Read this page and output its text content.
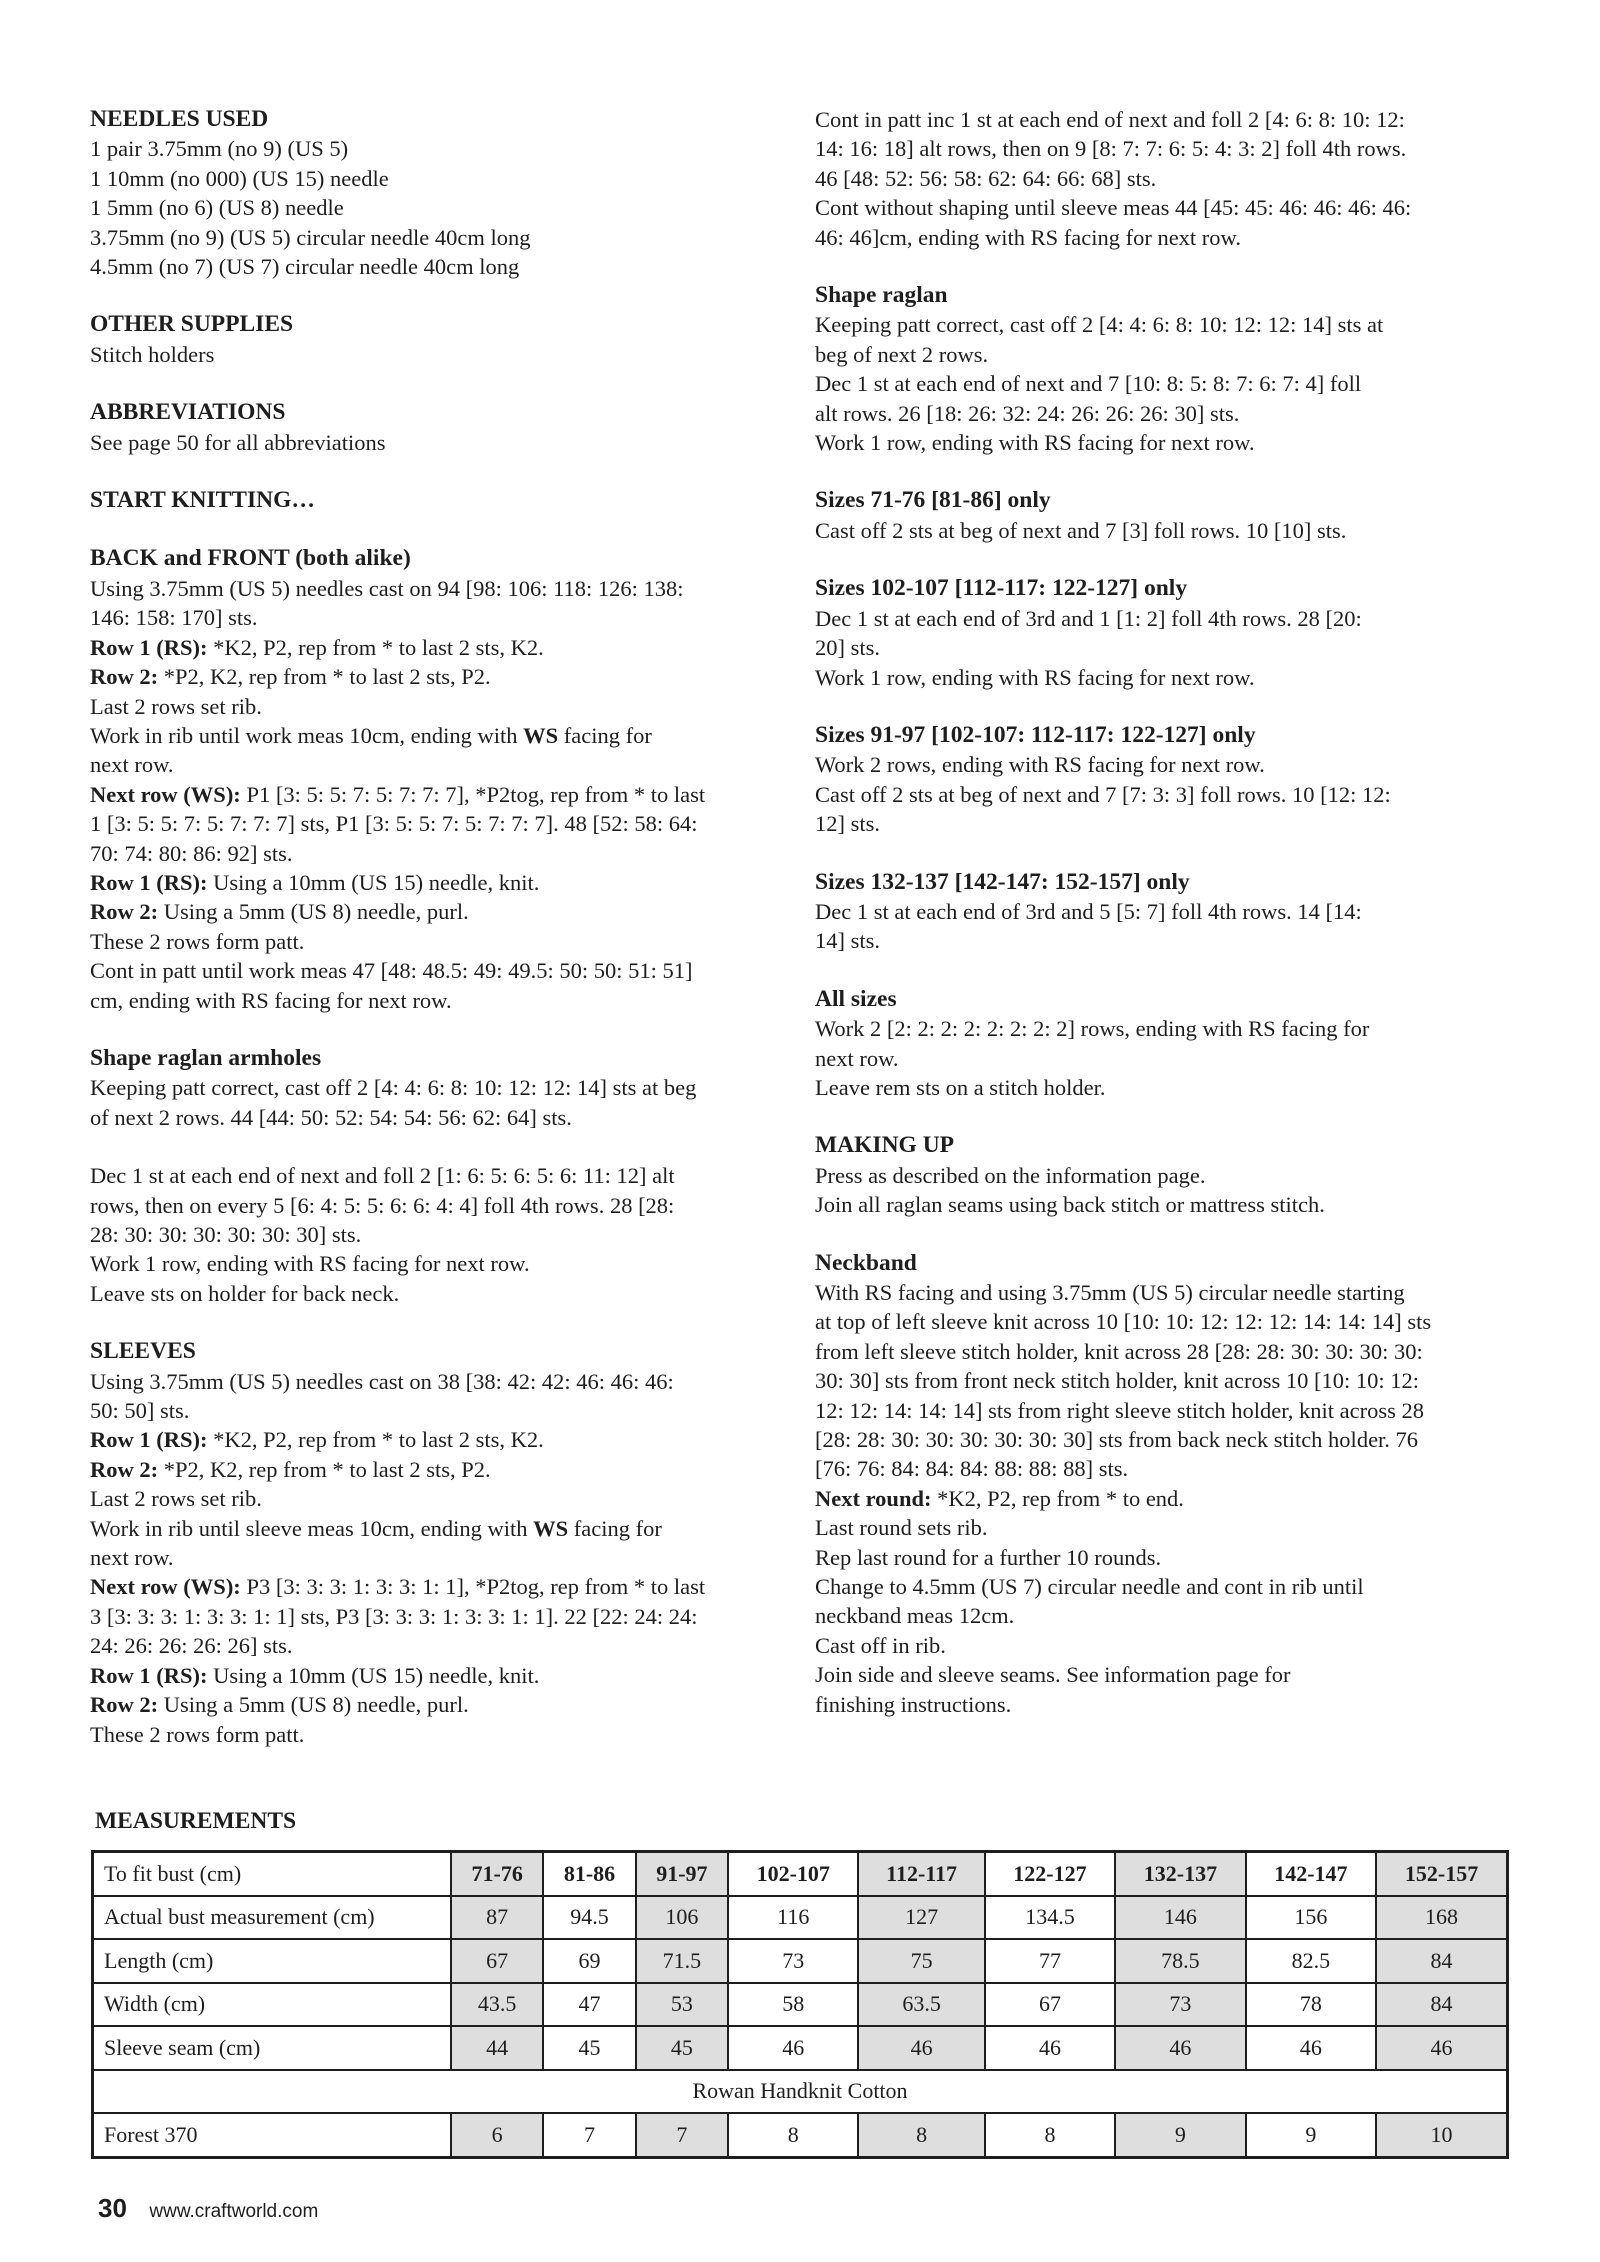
NEEDLES USED
1 pair 3.75mm (no 9) (US 5)
1 10mm (no 000) (US 15) needle
1 5mm (no 6) (US 8) needle
3.75mm (no 9) (US 5) circular needle 40cm long
4.5mm (no 7) (US 7) circular needle 40cm long
OTHER SUPPLIES
Stitch holders
ABBREVIATIONS
See page 50 for all abbreviations
START KNITTING…
BACK and FRONT (both alike)
Using 3.75mm (US 5) needles cast on 94 [98: 106: 118: 126: 138:
146: 158: 170] sts.
Row 1 (RS): *K2, P2, rep from * to last 2 sts, K2.
Row 2: *P2, K2, rep from * to last 2 sts, P2.
Last 2 rows set rib.
Work in rib until work meas 10cm, ending with WS facing for
next row.
Next row (WS): P1 [3: 5: 5: 7: 5: 7: 7: 7], *P2tog, rep from * to last
1 [3: 5: 5: 7: 5: 7: 7: 7] sts, P1 [3: 5: 5: 7: 5: 7: 7: 7]. 48 [52: 58: 64:
70: 74: 80: 86: 92] sts.
Row 1 (RS): Using a 10mm (US 15) needle, knit.
Row 2: Using a 5mm (US 8) needle, purl.
These 2 rows form patt.
Cont in patt until work meas 47 [48: 48.5: 49: 49.5: 50: 50: 51: 51]
cm, ending with RS facing for next row.
Shape raglan armholes
Keeping patt correct, cast off 2 [4: 4: 6: 8: 10: 12: 12: 14] sts at beg
of next 2 rows. 44 [44: 50: 52: 54: 54: 56: 62: 64] sts.
Dec 1 st at each end of next and foll 2 [1: 6: 5: 6: 5: 6: 11: 12] alt
rows, then on every 5 [6: 4: 5: 5: 6: 6: 4: 4] foll 4th rows. 28 [28:
28: 30: 30: 30: 30: 30: 30] sts.
Work 1 row, ending with RS facing for next row.
Leave sts on holder for back neck.
SLEEVES
Using 3.75mm (US 5) needles cast on 38 [38: 42: 42: 46: 46: 46:
50: 50] sts.
Row 1 (RS): *K2, P2, rep from * to last 2 sts, K2.
Row 2: *P2, K2, rep from * to last 2 sts, P2.
Last 2 rows set rib.
Work in rib until sleeve meas 10cm, ending with WS facing for
next row.
Next row (WS): P3 [3: 3: 3: 1: 3: 3: 1: 1], *P2tog, rep from * to last
3 [3: 3: 3: 1: 3: 3: 1: 1] sts, P3 [3: 3: 3: 1: 3: 3: 1: 1]. 22 [22: 24: 24:
24: 26: 26: 26: 26] sts.
Row 1 (RS): Using a 10mm (US 15) needle, knit.
Row 2: Using a 5mm (US 8) needle, purl.
These 2 rows form patt.
Cont in patt inc 1 st at each end of next and foll 2 [4: 6: 8: 10: 12:
14: 16: 18] alt rows, then on 9 [8: 7: 7: 6: 5: 4: 3: 2] foll 4th rows.
46 [48: 52: 56: 58: 62: 64: 66: 68] sts.
Cont without shaping until sleeve meas 44 [45: 45: 46: 46: 46: 46:
46: 46]cm, ending with RS facing for next row.
Shape raglan
Keeping patt correct, cast off 2 [4: 4: 6: 8: 10: 12: 12: 14] sts at
beg of next 2 rows.
Dec 1 st at each end of next and 7 [10: 8: 5: 8: 7: 6: 7: 4] foll
alt rows. 26 [18: 26: 32: 24: 26: 26: 26: 30] sts.
Work 1 row, ending with RS facing for next row.
Sizes 71-76 [81-86] only
Cast off 2 sts at beg of next and 7 [3] foll rows. 10 [10] sts.
Sizes 102-107 [112-117: 122-127] only
Dec 1 st at each end of 3rd and 1 [1: 2] foll 4th rows. 28 [20:
20] sts.
Work 1 row, ending with RS facing for next row.
Sizes 91-97 [102-107: 112-117: 122-127] only
Work 2 rows, ending with RS facing for next row.
Cast off 2 sts at beg of next and 7 [7: 3: 3] foll rows. 10 [12: 12:
12] sts.
Sizes 132-137 [142-147: 152-157] only
Dec 1 st at each end of 3rd and 5 [5: 7] foll 4th rows. 14 [14:
14] sts.
All sizes
Work 2 [2: 2: 2: 2: 2: 2: 2: 2] rows, ending with RS facing for
next row.
Leave rem sts on a stitch holder.
MAKING UP
Press as described on the information page.
Join all raglan seams using back stitch or mattress stitch.
Neckband
With RS facing and using 3.75mm (US 5) circular needle starting
at top of left sleeve knit across 10 [10: 10: 12: 12: 12: 14: 14: 14] sts
from left sleeve stitch holder, knit across 28 [28: 28: 30: 30: 30: 30:
30: 30] sts from front neck stitch holder, knit across 10 [10: 10: 12:
12: 12: 14: 14: 14] sts from right sleeve stitch holder, knit across 28
[28: 28: 30: 30: 30: 30: 30: 30] sts from back neck stitch holder. 76
[76: 76: 84: 84: 84: 88: 88: 88] sts.
Next round: *K2, P2, rep from * to end.
Last round sets rib.
Rep last round for a further 10 rounds.
Change to 4.5mm (US 7) circular needle and cont in rib until
neckband meas 12cm.
Cast off in rib.
Join side and sleeve seams. See information page for
finishing instructions.
MEASUREMENTS
To fit bust (cm)	71-76	81-86	91-97	102-107	112-117	122-127	132-137	142-147	152-157
Actual bust measurement (cm)	87	94.5	106	116	127	134.5	146	156	168
Length (cm)	67	69	71.5	73	75	77	78.5	82.5	84
Width (cm)	43.5	47	53	58	63.5	67	73	78	84
Sleeve seam (cm)	44	45	45	46	46	46	46	46	46
Rowan Handknit Cotton									
Forest 370	6	7	7	8	8	8	9	9	10
30 www.craftworld.com
